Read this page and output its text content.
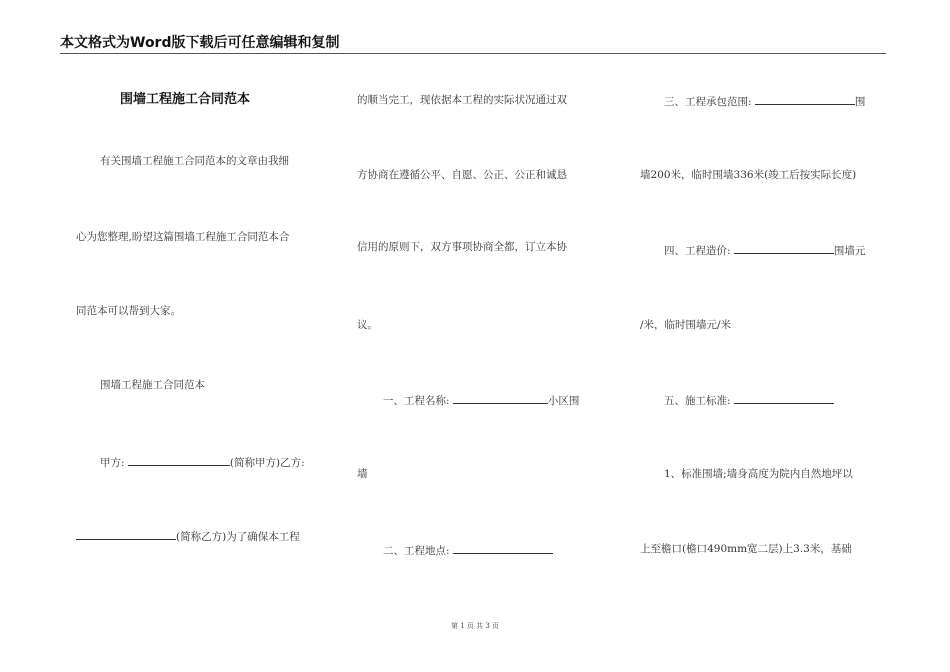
本文格式为Word版下载后可任意编辑和复制
围墙工程施工合同范本
有关围墙工程施工合同范本的文章由我细
心为您整理,盼望这篇围墙工程施工合同范本合
同范本可以帮到大家。
围墙工程施工合同范本
甲方:	(简称甲方)乙方:
(简称乙方)为了确保本工程
的顺当完工，现依据本工程的实际状况通过双
方协商在遵循公平、自愿、公正、公正和诚恳
信用的原则下，双方事项协商全都，订立本协
议。
一、工程名称:	小区围
墙
二、工程地点:
三、工程承包范围:	围
墙200米，临时围墙336米(竣工后按实际长度)
四、工程造价:	围墙元
/米，临时围墙元/米
五、施工标准:
1、标准围墙;墙身高度为院内自然地坪以
上至檐口(檐口490mm宽二层)上3.3米，基础
第 1 页 共 3 页
